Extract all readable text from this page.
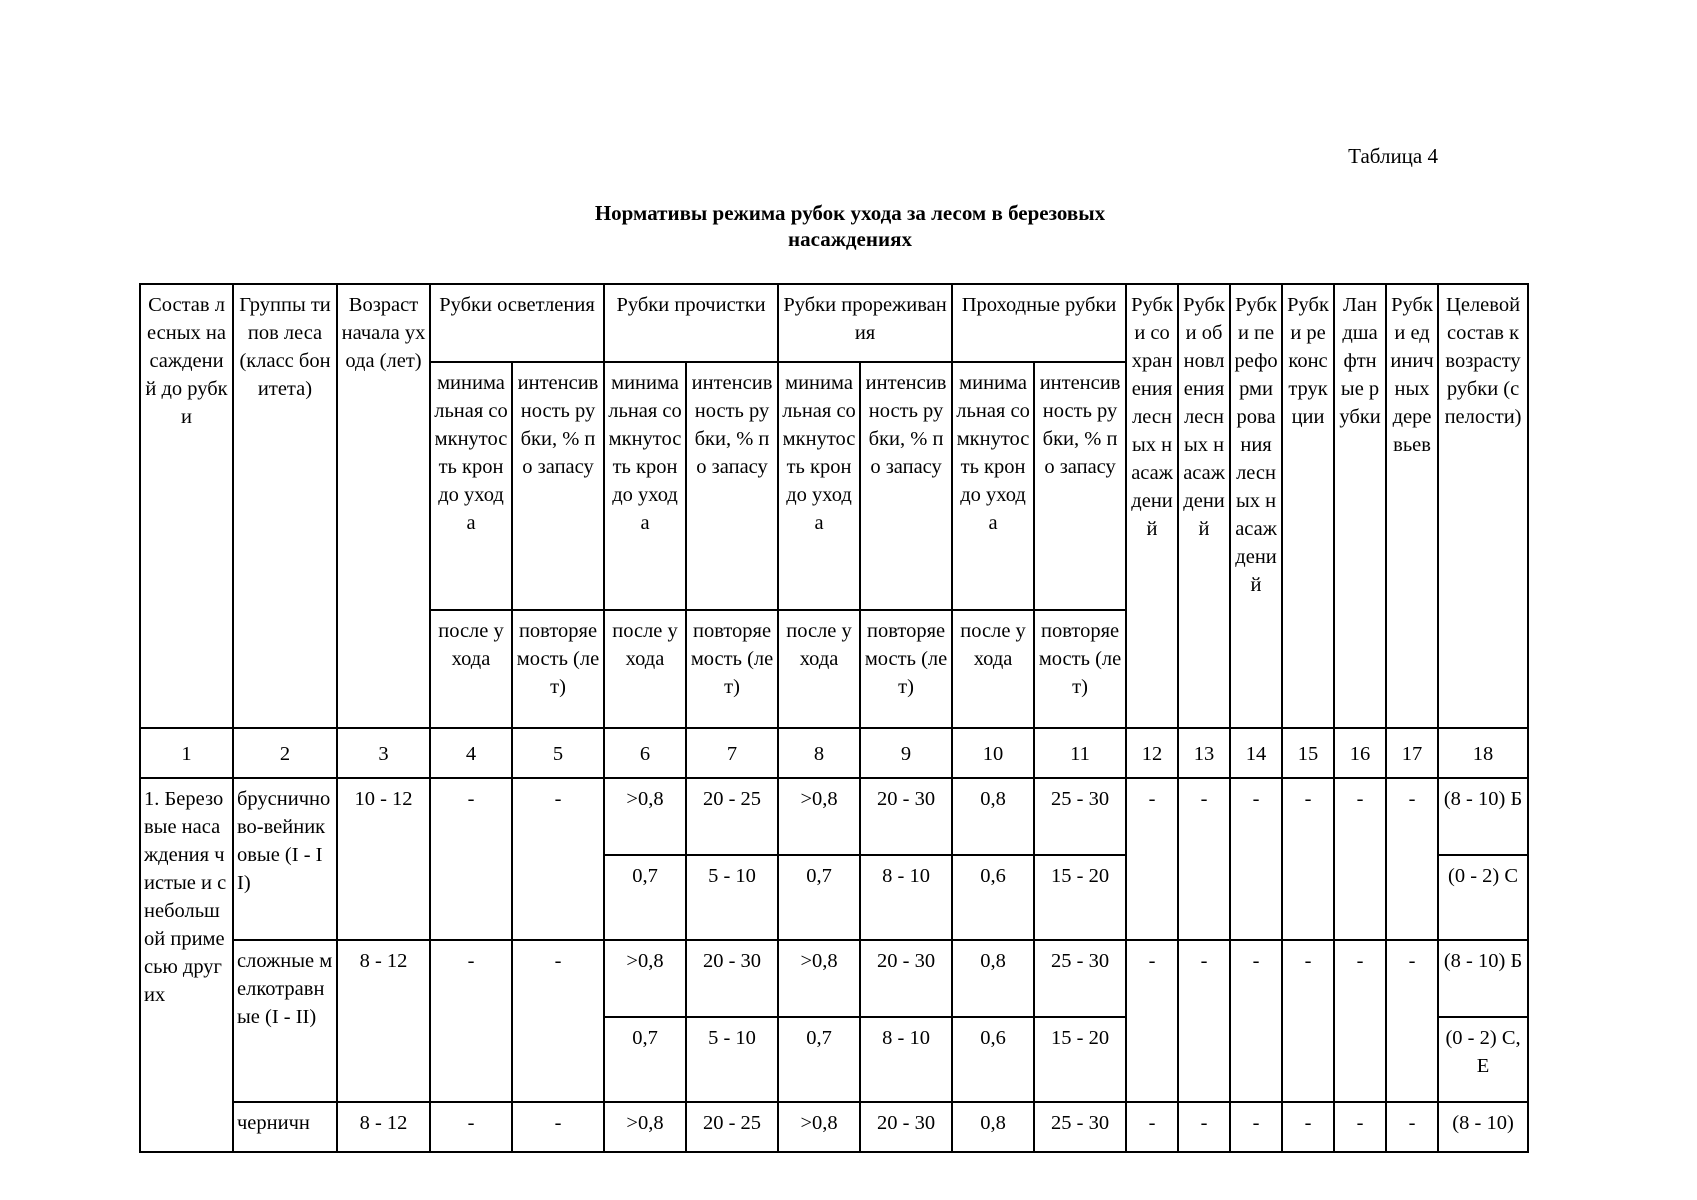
Таблица 4
Нормативы режима рубок ухода за лесом в березовых
насаждениях
Состав лесных насаждений до рубки	Группы типов леса (класс бонитета)	Возраст начала ухода (лет)	Рубки осветления		Рубки прочистки		Рубки прореживания		Проходные рубки		Рубки сохранения лесных насаждений	Рубки обновления лесных насаждений	Рубки переформирования лесных насаждений	Рубки реконструкции	Ландшафтные рубки	Рубки единичных деревьев	Целевой состав к возрасту рубки (спелости)
			минимальная сомкнутость крон до ухода	интенсивность рубки, % по запасу	минимальная сомкнутость крон до ухода	интенсивность рубки, % по запасу	минимальная сомкнутость крон до ухода	интенсивность рубки, % по запасу	минимальная сомкнутость крон до ухода	интенсивность рубки, % по запасу							
			после ухода	повторяемость (лет)	после ухода	повторяемость (лет)	после ухода	повторяемость (лет)	после ухода	повторяемость (лет)							
1	2	3	4	5	6	7	8	9	10	11	12	13	14	15	16	17	18
1. Березовые насаждения чистые и с небольшой примесью других	брусничново-вейниковые (I - II)	10 - 12	-	-	>0,8	20 - 25	>0,8	20 - 30	0,8	25 - 30	-	-	-	-	-	-	(8 - 10) Б
					0,7	5 - 10	0,7	8 - 10	0,6	15 - 20							(0 - 2) С
	сложные мелкотравные (I - II)	8 - 12	-	-	>0,8	20 - 30	>0,8	20 - 30	0,8	25 - 30	-	-	-	-	-	-	(8 - 10) Б
					0,7	5 - 10	0,7	8 - 10	0,6	15 - 20							(0 - 2) С, Е
	черничн	8 - 12	-	-	>0,8	20 - 25	>0,8	20 - 30	0,8	25 - 30	-	-	-	-	-	-	(8 - 10)
